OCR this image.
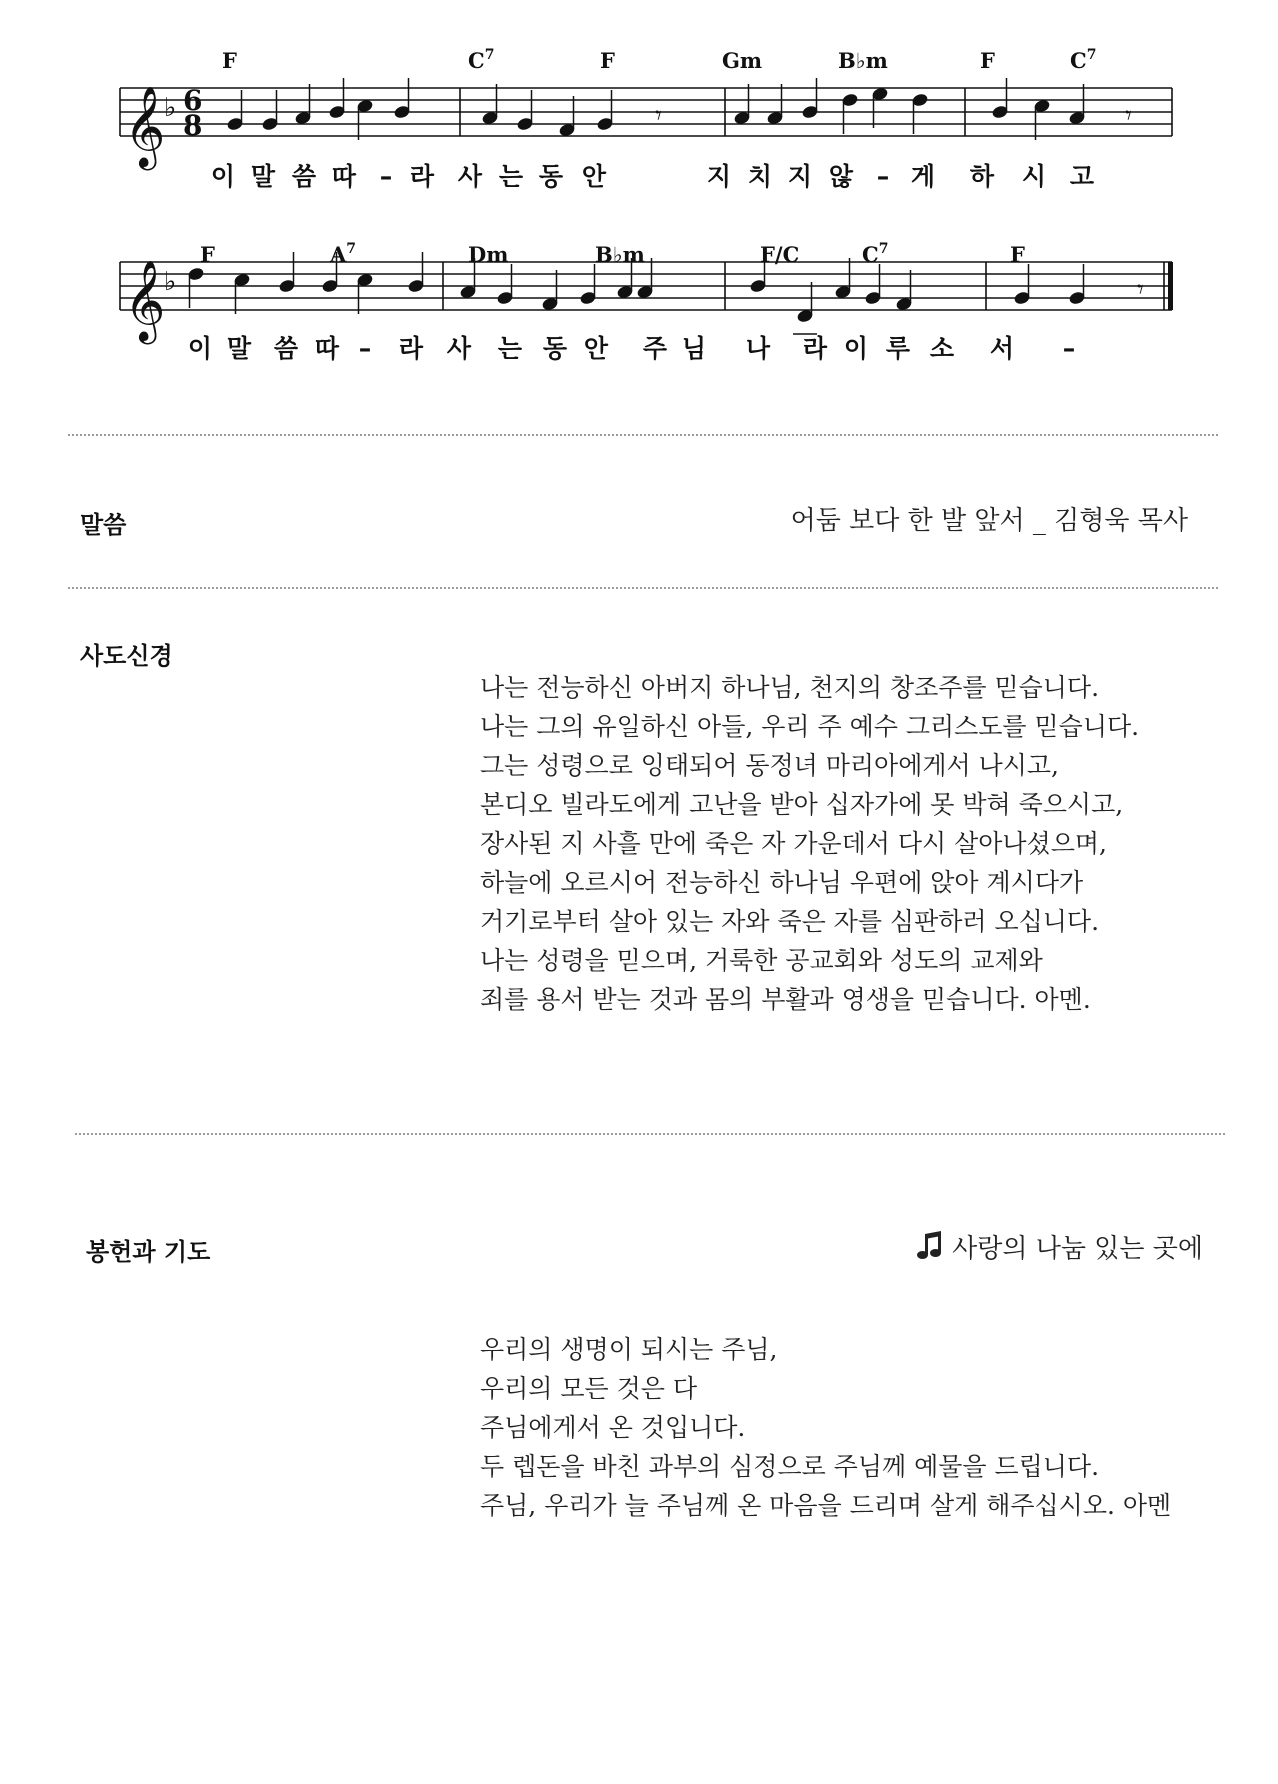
𝄞
♭ 6
8	𝄾	𝄾
F	$C^7$	F	Gm	B♭m	F	$C^7$
이 말 씀 따 – 라 사 는 동 안	지 치 지 않 – 게 하 시 고
𝄞
♭	𝄾
F	$A^7$	Dm	B♭m	F/C	$C^7$	F
이 말 씀 따 – 라 사 는 동 안 주 님 나 라 이 루 소 서 –
말씀	어둠 보다 한 발 앞서 _ 김형욱 목사
사도신경
나는 전능하신 아버지 하나님, 천지의 창조주를 믿습니다.
나는 그의 유일하신 아들, 우리 주 예수 그리스도를 믿습니다.
그는 성령으로 잉태되어 동정녀 마리아에게서 나시고,
본디오 빌라도에게 고난을 받아 십자가에 못 박혀 죽으시고,
장사된 지 사흘 만에 죽은 자 가운데서 다시 살아나셨으며,
하늘에 오르시어 전능하신 하나님 우편에 앉아 계시다가
거기로부터 살아 있는 자와 죽은 자를 심판하러 오십니다.
나는 성령을 믿으며, 거룩한 공교회와 성도의 교제와
죄를 용서 받는 것과 몸의 부활과 영생을 믿습니다. 아멘.
봉헌과 기도	사랑의 나눔 있는 곳에
우리의 생명이 되시는 주님,
우리의 모든 것은 다
주님에게서 온 것입니다.
두 렙돈을 바친 과부의 심정으로 주님께 예물을 드립니다.
주님, 우리가 늘 주님께 온 마음을 드리며 살게 해주십시오. 아멘
